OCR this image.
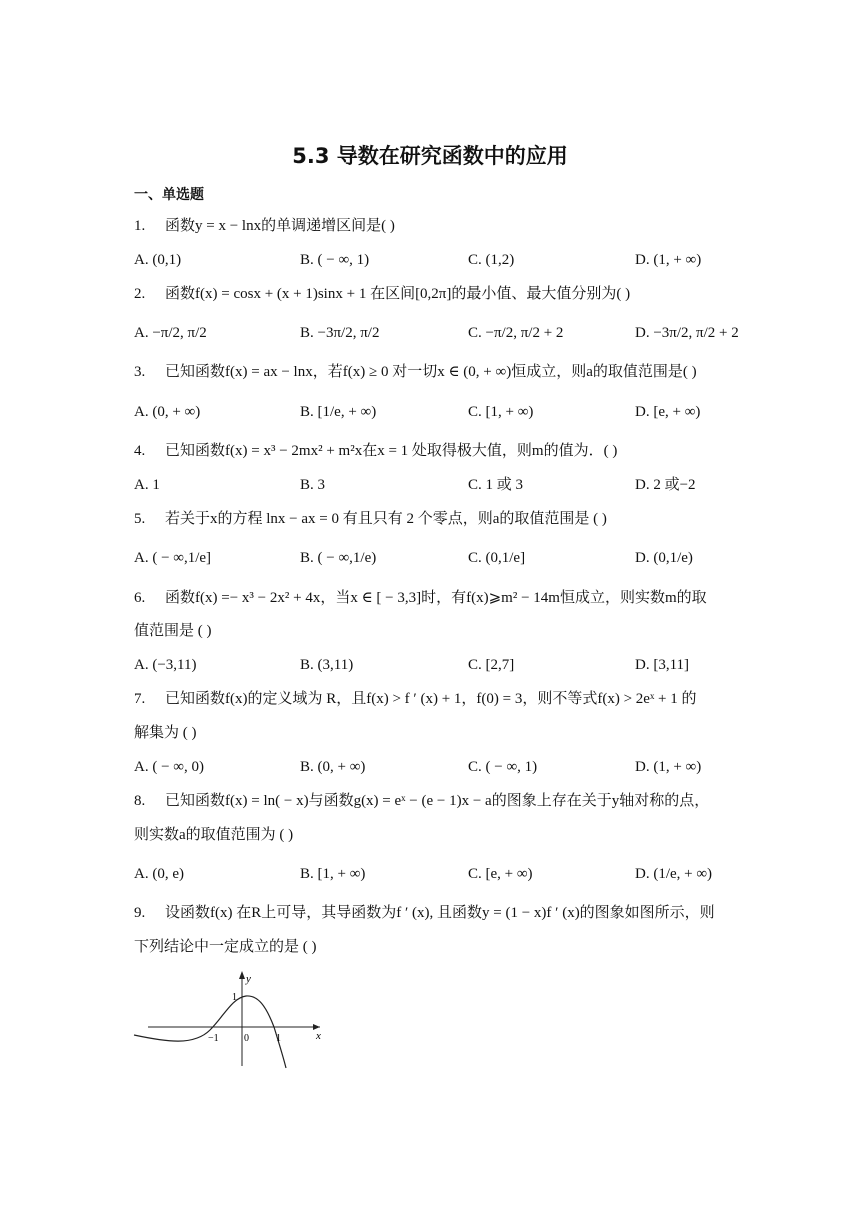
5.3 导数在研究函数中的应用
一、单选题
1. 函数y = x − lnx的单调递增区间是( )
A. (0,1)	B. ( − ∞, 1)	C. (1,2)	D. (1, + ∞)
2. 函数f(x) = cosx + (x + 1)sinx + 1 在区间[0,2π]的最小值、最大值分别为( )
A. −π/2, π/2	B. −3π/2, π/2	C. −π/2, π/2 + 2	D. −3π/2, π/2 + 2
3. 已知函数f(x) = ax − lnx，若f(x) ≥ 0 对一切x ∈ (0, + ∞)恒成立，则a的取值范围是( )
A. (0, + ∞)	B. [1/e, + ∞)	C. [1, + ∞)	D. [e, + ∞)
4. 已知函数f(x) = x³ − 2mx² + m²x在x = 1 处取得极大值，则m的值为．( )
A. 1	B. 3	C. 1 或 3	D. 2 或−2
5. 若关于x的方程 lnx − ax = 0 有且只有 2 个零点，则a的取值范围是 ( )
A. ( − ∞,1/e]	B. ( − ∞,1/e)	C. (0,1/e]	D. (0,1/e)
6. 函数f(x) =− x³ − 2x² + 4x，当x ∈ [ − 3,3]时，有f(x)⩾m² − 14m恒成立，则实数m的取
值范围是 ( )
A. (−3,11)	B. (3,11)	C. [2,7]	D. [3,11]
7. 已知函数f(x)的定义域为 R，且f(x) > f ′ (x) + 1，f(0) = 3，则不等式f(x) > 2eˣ + 1 的
解集为 ( )
A. ( − ∞, 0)	B. (0, + ∞)	C. ( − ∞, 1)	D. (1, + ∞)
8. 已知函数f(x) = ln( − x)与函数g(x) = eˣ − (e − 1)x − a的图象上存在关于y轴对称的点，
则实数a的取值范围为 ( )
A. (0, e)	B. [1, + ∞)	C. [e, + ∞)	D. (1/e, + ∞)
9. 设函数f(x) 在R上可导，其导函数为f ′ (x), 且函数y = (1 − x)f ′ (x)的图象如图所示，则
下列结论中一定成立的是 ( )
y
x
1
−1	0	1
